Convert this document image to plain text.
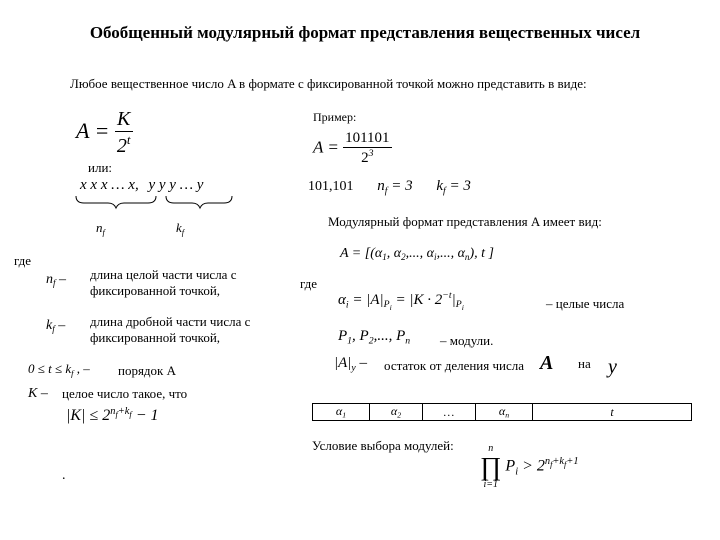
Обобщенный модулярный формат представления вещественных чисел
Любое вещественное число A в формате с фиксированной точкой можно представить в виде:
$A = \frac{K}{2^t}$	Пример:
$A = \frac{101101}{2^3}$
101,101 $n_f = 3$ $k_f = 3$
или:
x x x … x, y y y … y
$n_f$	$k_f$
Модулярный формат представления A имеет вид:
$A = [(\alpha_1$, $\alpha_2$,..., $\alpha_i$,..., $\alpha_n$), t ]
где
$n_f$ – длина целой части числа с фиксированной точкой,
$k_f$ – длина дробной части числа с фиксированной точкой,
$0 \le t \le k_f$ , – порядок A
K – целое число такое, что
$|K| \le 2^{n_f+k_f} - 1$
.
где
$\alpha_i = |A|_{P_i} = |K \cdot 2^{-t}|_{P_i}$	– целые числа
$P_1$, $P_2$,..., $P_n$ – модули.
$|A|_y$ – остаток от деления числа A на y
$\alpha_1$	$\alpha_2$	…	$\alpha_n$	t
Условие выбора модулей:	n
∏
i=1 $P_i > 2^{n_f+k_f+1}$
